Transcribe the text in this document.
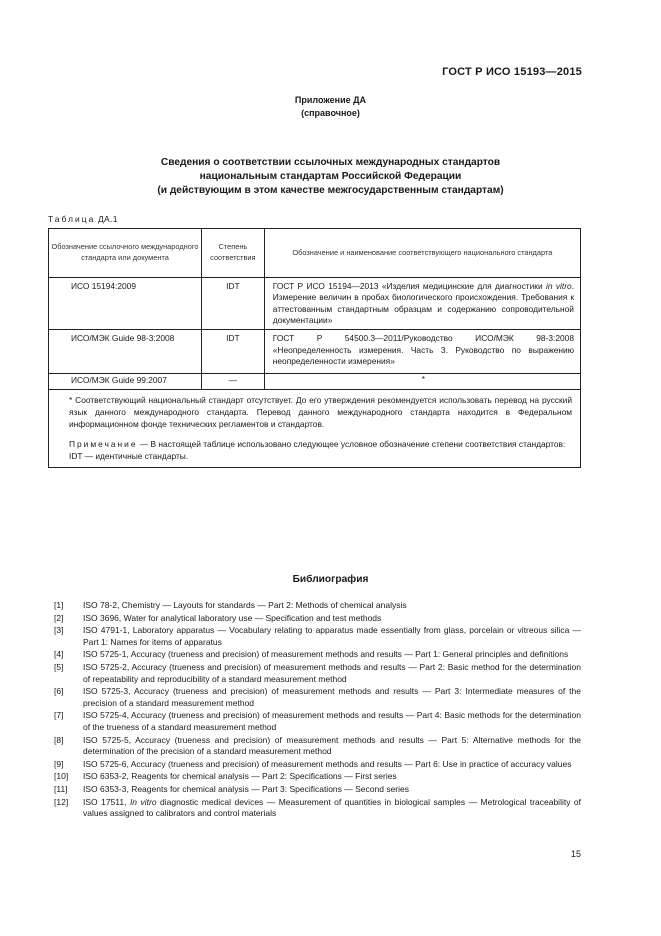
ГОСТ Р ИСО 15193—2015
Приложение ДА
(справочное)
Сведения о соответствии ссылочных международных стандартов
национальным стандартам Российской Федерации
(и действующим в этом качестве межгосударственным стандартам)
Таблица ДА.1
Обозначение ссылочного международного стандарта или документа	Степень соответствия	Обозначение и наименование соответствующего национального стандарта
ИСО 15194:2009	IDT	ГОСТ Р ИСО 15194—2013 «Изделия медицинские для диагностики in vitro. Измерение величин в пробах биологического происхождения. Требования к аттестованным стандартным образцам и содержанию сопроводительной документации»
ИСО/МЭК Guide 98-3:2008	IDT	ГОСТ Р 54500.3—2011/Руководство ИСО/МЭК 98-3:2008 «Неопределенность измерения. Часть 3. Руководство по выражению неопределенности измерения»
ИСО/МЭК Guide 99:2007	—	*

* Соответствующий национальный стандарт отсутствует. До его утверждения рекомендуется использовать перевод на русский язык данного международного стандарта. Перевод данного международного стандарта находится в Федеральном информационном фонде технических регламентов и стандартов.
Примечание — В настоящей таблице использовано следующее условное обозначение степени соответствия стандартов:
IDT — идентичные стандарты.		
Библиография
[1]	ISO 78-2, Chemistry — Layouts for standards — Part 2: Methods of chemical analysis
[2]	ISO 3696, Water for analytical laboratory use — Specification and test methods
[3]	ISO 4791-1, Laboratory apparatus — Vocabulary relating to apparatus made essentially from glass, porcelain or vitreous silica — Part 1: Names for items of apparatus
[4]	ISO 5725-1, Accuracy (trueness and precision) of measurement methods and results — Part 1: General principles and definitions
[5]	ISO 5725-2, Accuracy (trueness and precision) of measurement methods and results — Part 2: Basic method for the determination of repeatability and reproducibility of a standard measurement method
[6]	ISO 5725-3, Accuracy (trueness and precision) of measurement methods and results — Part 3: Intermediate measures of the precision of a standard measurement method
[7]	ISO 5725-4, Accuracy (trueness and precision) of measurement methods and results — Part 4: Basic methods for the determination of the trueness of a standard measurement method
[8]	ISO 5725-5, Accuracy (trueness and precision) of measurement methods and results — Part 5: Alternative methods for the determination of the precision of a standard measurement method
[9]	ISO 5725-6, Accuracy (trueness and precision) of measurement methods and results — Part 6: Use in practice of accuracy values
[10]	ISO 6353-2, Reagents for chemical analysis — Part 2: Specifications — First series
[11]	ISO 6353-3, Reagents for chemical analysis — Part 3: Specifications — Second series
[12]	ISO 17511, In vitro diagnostic medical devices — Measurement of quantities in biological samples — Metrological traceability of values assigned to calibrators and control materials
15
